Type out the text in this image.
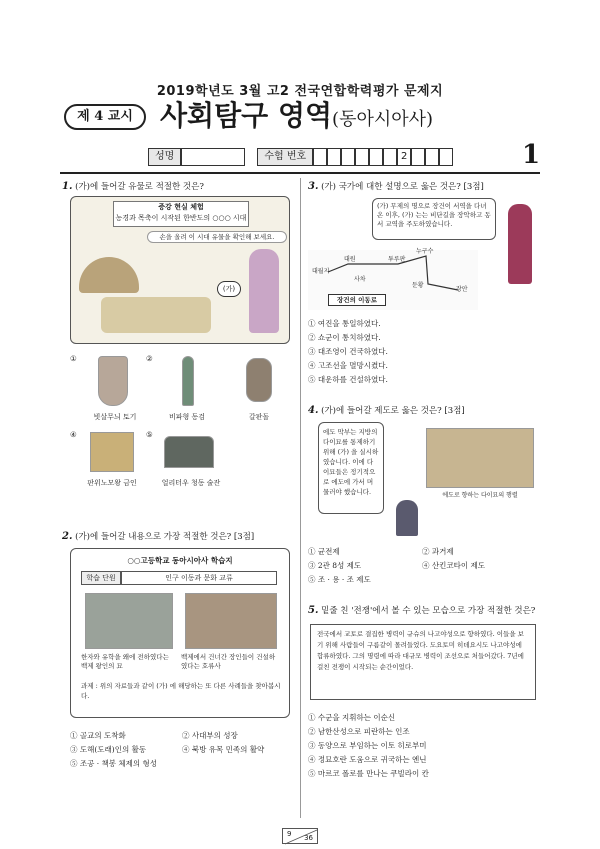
2019학년도 3월 고2 전국연합학력평가 문제지
제 4 교시 사회탐구 영역(동아시아사)
성명	수험 번호	2	1
1. (가)에 들어갈 유물로 적절한 것은?
증강 현실 체험
농경과 목축이 시작된 한반도의 ○○○ 시대
손을 올려 이 시대 유물을 확인해 보세요.
(가)
①
빗살무늬 토기
②
비파형 동검	갈판돌
④
판위노모왕 금인
⑤
얼리터우 청동 술잔
2. (가)에 들어갈 내용으로 가장 적절한 것은? [3점]
○○고등학교 동아시아사 학습지
학습 단원	인구 이동과 문화 교류
한자와 유학을 왜에 전하였다는 백제 왕인의 묘
백제에서 건너간 장인들이 건설하였다는 호류사
과제 : 위의 자료들과 같이 (가) 에 해당하는 또 다른 사례들을 찾아봅시다.
① 골교의 도착화	② 사대부의 성장
③ 도해(도래)인의 활동	④ 북방 유목 민족의 활약
⑤ 조공 · 책봉 체제의 형성
3. (가) 국가에 대한 설명으로 옳은 것은? [3점]
(가) 무제의 명으로 장건이 서역을 다녀온 이후, (가) 는는 비단길을 장악하고 동서 교역을 주도하였습니다.
대월지
대원	투루판
누구수
사차
둔황
장안
장건의 이동로
① 여진을 통일하였다.
② 쇼군이 통치하였다.
③ 대조영이 건국하였다.
④ 고조선을 멸망시켰다.
⑤ 대운하를 건설하였다.
4. (가)에 들어갈 제도로 옳은 것은? [3점]
에도 막부는 지방의 다이묘를 통제하기 위해 (가) 을 실시하였습니다. 이에 다이묘들은 정기적으로 에도에 가서 머물러야 했습니다.	에도로 향하는 다이묘의 행렬
① 균전제	② 과거제
③ 2관 8성 제도	④ 산킨코타이 제도
⑤ 조 · 용 · 조 제도
5. 밑줄 친 '전쟁'에서 볼 수 있는 모습으로 가장 적절한 것은?
전국에서 교토로 결집한 병력이 규슈의 나고야성으로 향하였다. 이들을 보기 위해 사람들이 구름같이 몰려들었다. 도요토미 히데요시도 나고야성에 합류하였다. 그의 명령에 따라 대규모 병력이 조선으로 처들어갔다. 7년에 걸친 전쟁이 시작되는 순간이었다.
① 수군을 지휘하는 이순신
② 남한산성으로 피란하는 인조
③ 동양으로 부임하는 이토 히로부미
④ 정묘호란 도움으로 귀국하는 엔닌
⑤ 마르코 폴로를 만나는 쿠빌라이 칸
9 36
